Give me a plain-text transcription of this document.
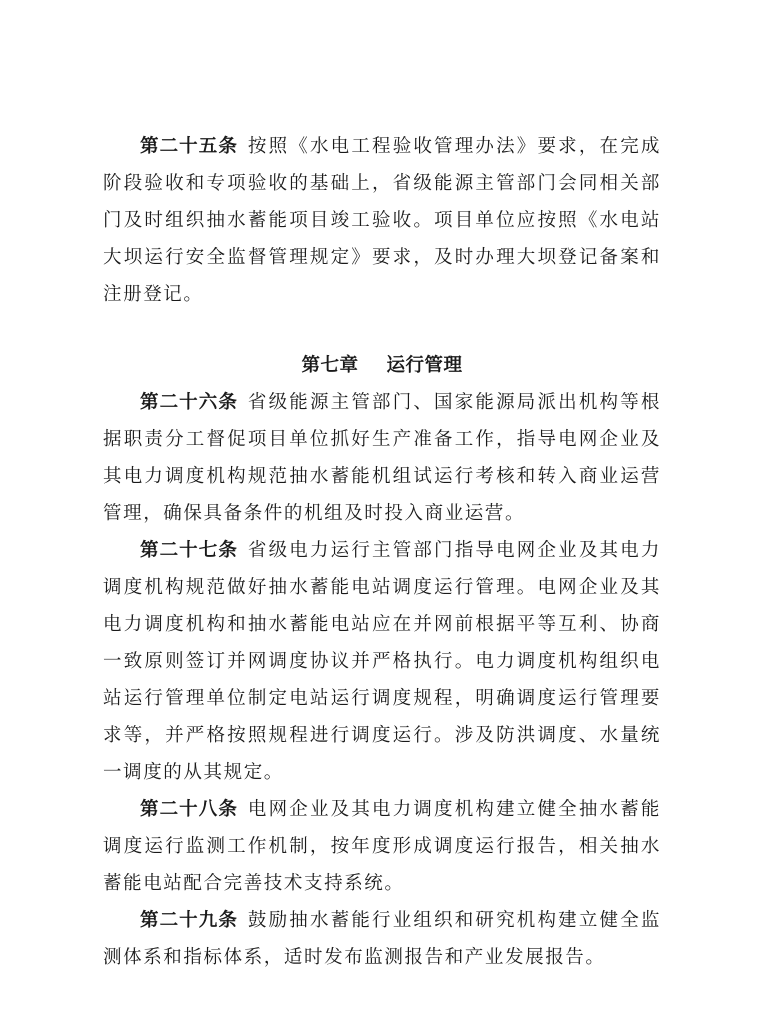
第二十五条 按照《水电工程验收管理办法》要求，在完成阶段验收和专项验收的基础上，省级能源主管部门会同相关部门及时组织抽水蓄能项目竣工验收。项目单位应按照《水电站大坝运行安全监督管理规定》要求，及时办理大坝登记备案和注册登记。

第七章 运行管理

第二十六条 省级能源主管部门、国家能源局派出机构等根据职责分工督促项目单位抓好生产准备工作，指导电网企业及其电力调度机构规范抽水蓄能机组试运行考核和转入商业运营管理，确保具备条件的机组及时投入商业运营。

第二十七条 省级电力运行主管部门指导电网企业及其电力调度机构规范做好抽水蓄能电站调度运行管理。电网企业及其电力调度机构和抽水蓄能电站应在并网前根据平等互利、协商一致原则签订并网调度协议并严格执行。电力调度机构组织电站运行管理单位制定电站运行调度规程，明确调度运行管理要求等，并严格按照规程进行调度运行。涉及防洪调度、水量统一调度的从其规定。

第二十八条 电网企业及其电力调度机构建立健全抽水蓄能调度运行监测工作机制，按年度形成调度运行报告，相关抽水蓄能电站配合完善技术支持系统。

第二十九条 鼓励抽水蓄能行业组织和研究机构建立健全监测体系和指标体系，适时发布监测报告和产业发展报告。
